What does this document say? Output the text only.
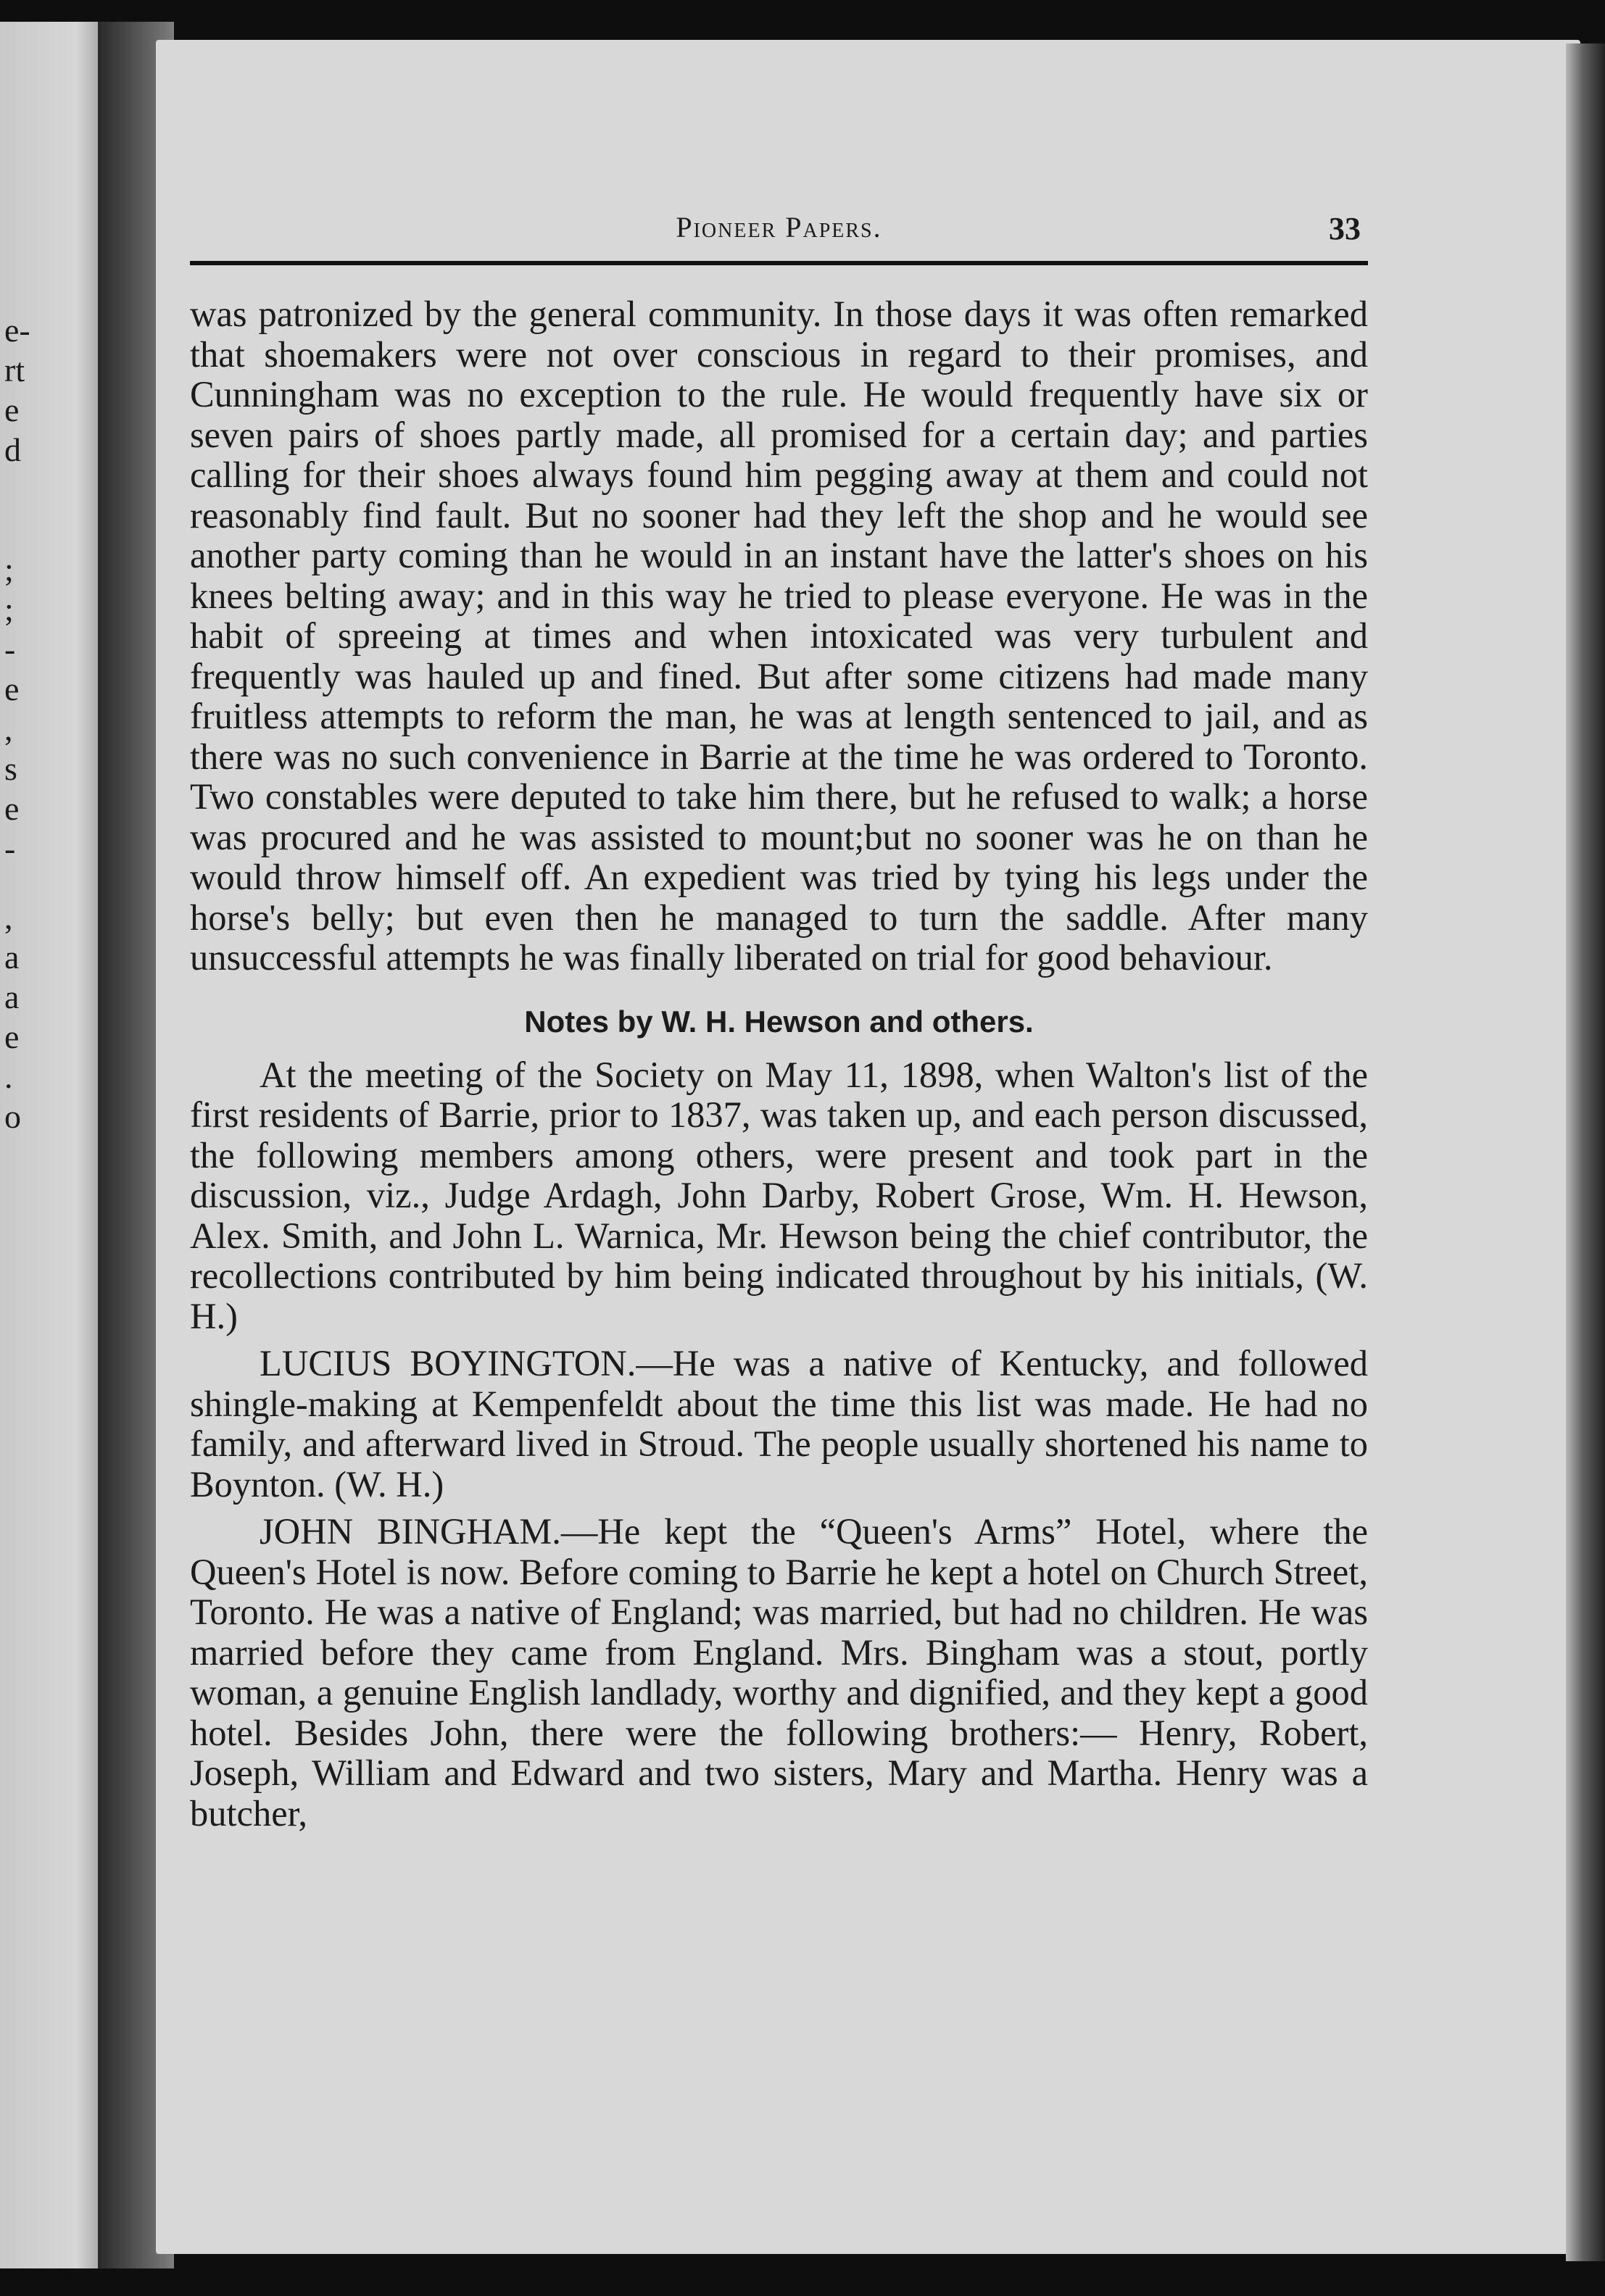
e-
rt
e
d
;
;
-
e
,
s
e
-
,
a
a
e
.
o
Pioneer Papers.	33

was patronized by the general community. In those days it was often remarked that shoemakers were not over conscious in regard to their promises, and Cunningham was no exception to the rule. He would frequently have six or seven pairs of shoes partly made, all promised for a certain day; and parties calling for their shoes always found him pegging away at them and could not reasonably find fault. But no sooner had they left the shop and he would see another party coming than he would in an instant have the latter's shoes on his knees belting away; and in this way he tried to please everyone. He was in the habit of spreeing at times and when intoxicated was very turbulent and frequently was hauled up and fined. But after some citizens had made many fruitless attempts to reform the man, he was at length sentenced to jail, and as there was no such convenience in Barrie at the time he was ordered to Toronto. Two constables were deputed to take him there, but he refused to walk; a horse was procured and he was assisted to mount;but no sooner was he on than he would throw himself off. An expedient was tried by tying his legs under the horse's belly; but even then he managed to turn the saddle. After many unsuccessful attempts he was finally liberated on trial for good behaviour.

Notes by W. H. Hewson and others.

At the meeting of the Society on May 11, 1898, when Walton's list of the first residents of Barrie, prior to 1837, was taken up, and each person discussed, the following members among others, were present and took part in the discussion, viz., Judge Ardagh, John Darby, Robert Grose, Wm. H. Hewson, Alex. Smith, and John L. Warnica, Mr. Hewson being the chief contributor, the recollections contributed by him being indicated throughout by his initials, (W. H.)

LUCIUS BOYINGTON.—He was a native of Kentucky, and followed shingle-making at Kempenfeldt about the time this list was made. He had no family, and afterward lived in Stroud. The people usually shortened his name to Boynton. (W. H.)

JOHN BINGHAM.—He kept the “Queen's Arms” Hotel, where the Queen's Hotel is now. Before coming to Barrie he kept a hotel on Church Street, Toronto. He was a native of England; was married, but had no children. He was married before they came from England. Mrs. Bingham was a stout, portly woman, a genuine English landlady, worthy and dignified, and they kept a good hotel. Besides John, there were the following brothers:— Henry, Robert, Joseph, William and Edward and two sisters, Mary and Martha. Henry was a butcher,
